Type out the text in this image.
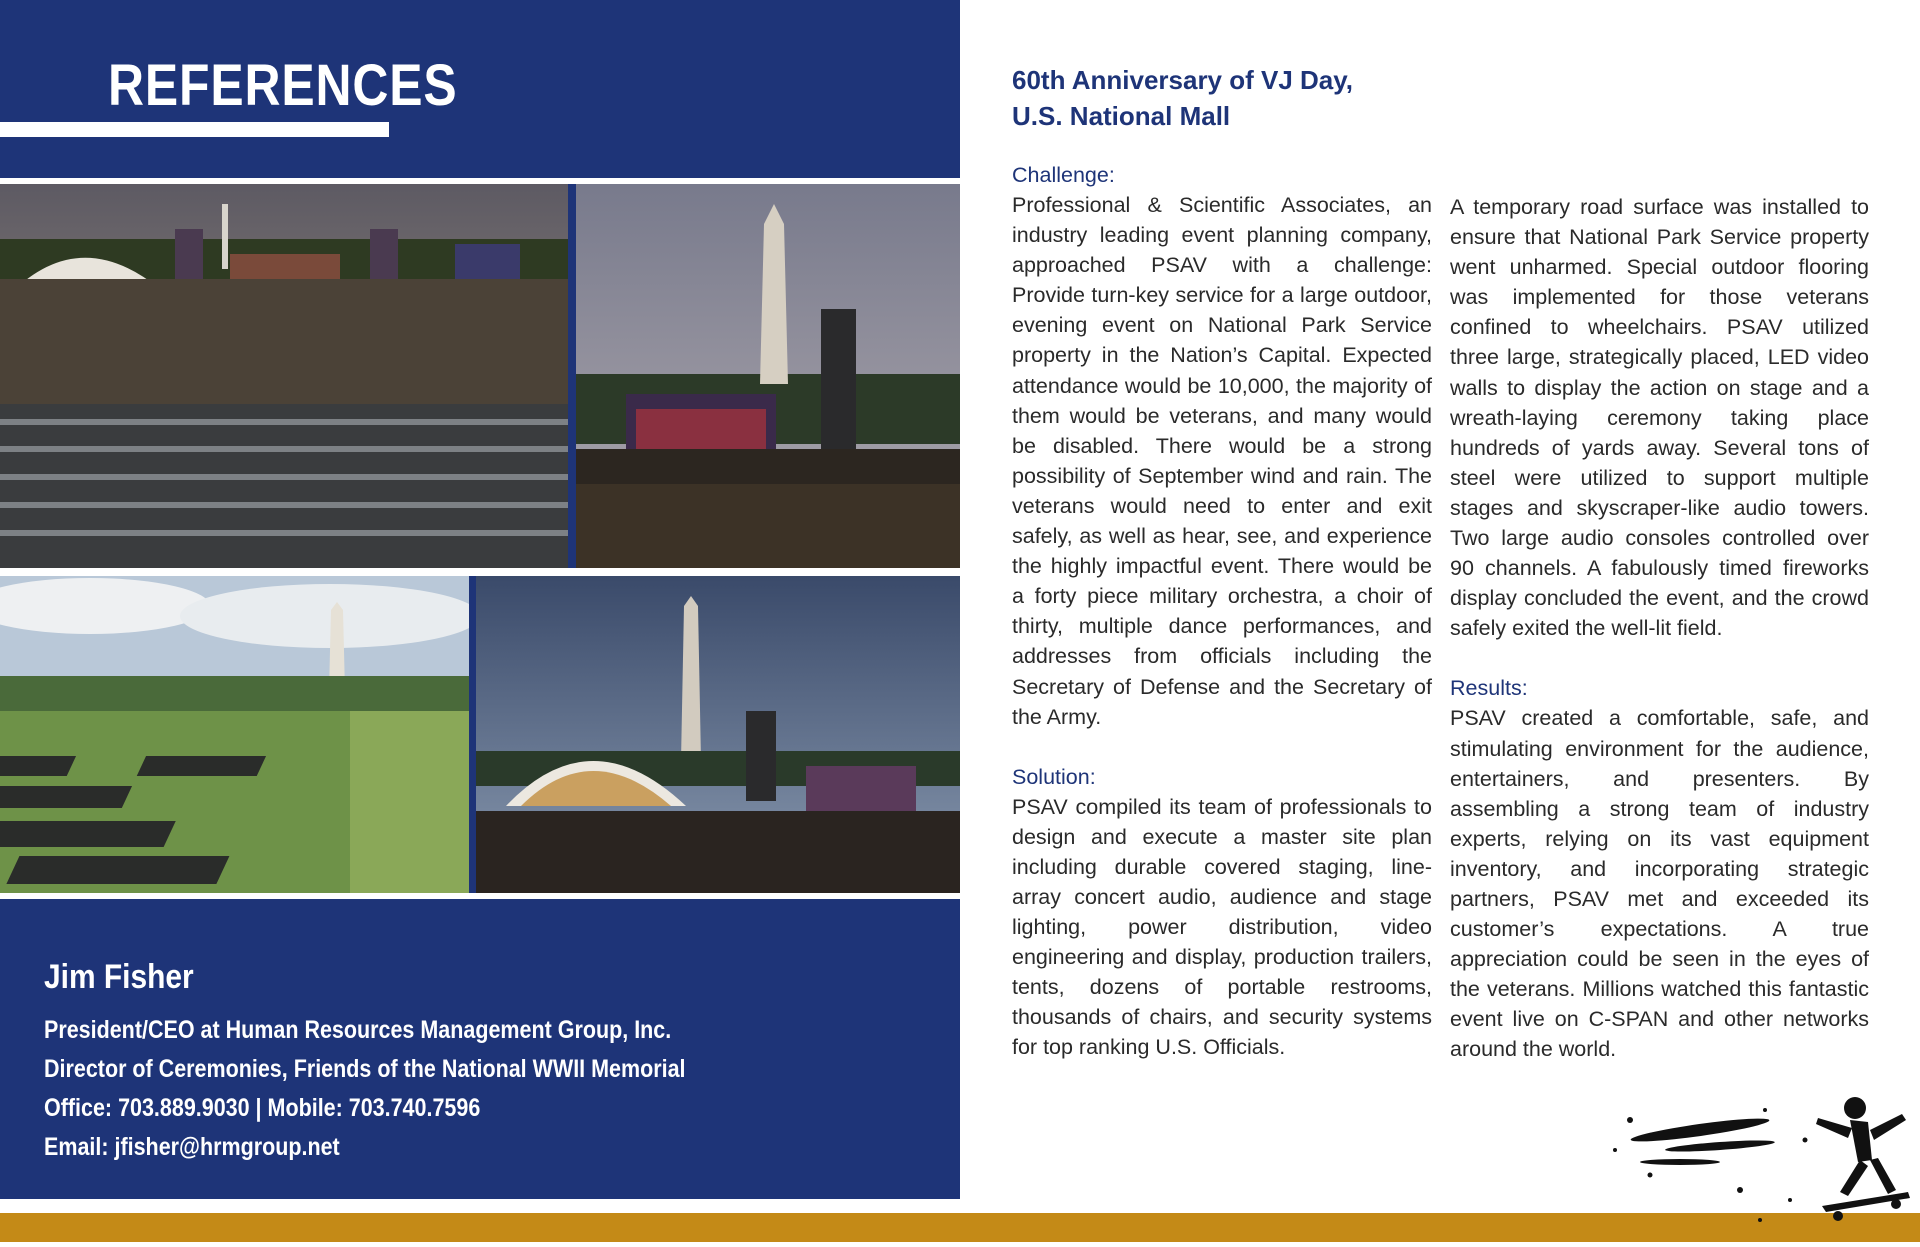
REFERENCES
Jim Fisher
President/CEO at Human Resources Management Group, Inc.
Director of Ceremonies, Friends of the National WWII Memorial
Office: 703.889.9030 | Mobile: 703.740.7596
Email: jfisher@hrmgroup.net
60th Anniversary of VJ Day,
U.S. National Mall
Challenge:

Professional & Scientific Associates, an industry leading event planning company, approached PSAV with a challenge: Provide turn-key service for a large outdoor, evening event on National Park Service property in the Nation’s Capital. Expected attendance would be 10,000, the majority of them would be veterans, and many would be disabled. There would be a strong possibility of September wind and rain. The veterans would need to enter and exit safely, as well as hear, see, and experience the highly impactful event. There would be a forty piece military orchestra, a choir of thirty, multiple dance performances, and addresses from officials including the Secretary of Defense and the Secretary of the Army.

Solution:

PSAV compiled its team of professionals to design and execute a master site plan including durable covered staging, line-array concert audio, audience and stage lighting, power distribution, video engineering and display, production trailers, tents, dozens of portable restrooms, thousands of chairs, and security systems for top ranking U.S. Officials.

A temporary road surface was installed to ensure that National Park Service property went unharmed. Special outdoor flooring was implemented for those veterans confined to wheelchairs. PSAV utilized three large, strategically placed, LED video walls to display the action on stage and a wreath-laying ceremony taking place hundreds of yards away. Several tons of steel were utilized to support multiple stages and skyscraper-like audio towers. Two large audio consoles controlled over 90 channels. A fabulously timed fireworks display concluded the event, and the crowd safely exited the well-lit field.

Results:

PSAV created a comfortable, safe, and stimulating environment for the audience, entertainers, and presenters. By assembling a strong team of industry experts, relying on its vast equipment inventory, and incorporating strategic partners, PSAV met and exceeded its customer’s expectations. A true appreciation could be seen in the eyes of the veterans. Millions watched this fantastic event live on C-SPAN and other networks around the world.
